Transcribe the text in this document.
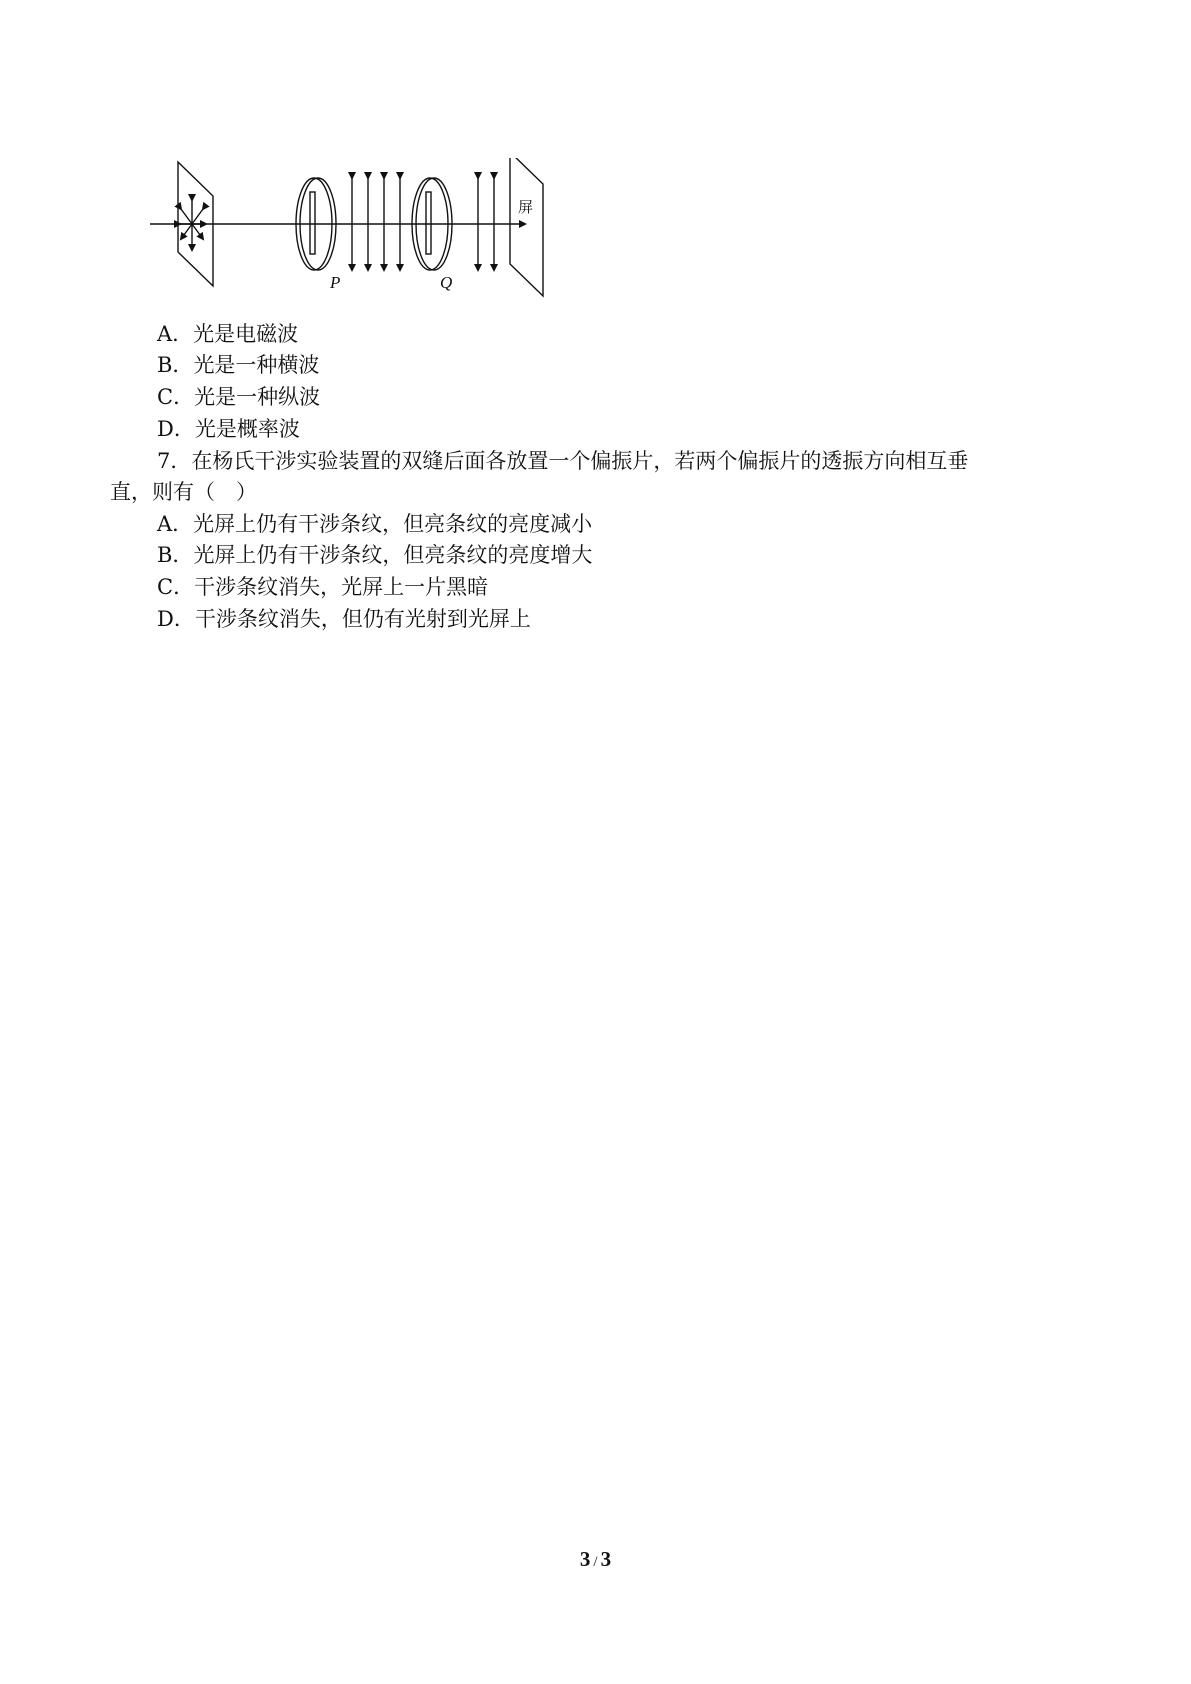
P	Q
屏
A．光是电磁波
B．光是一种横波
C．光是一种纵波
D．光是概率波
7．在杨氏干涉实验装置的双缝后面各放置一个偏振片，若两个偏振片的透振方向相互垂
直，则有（　）
A．光屏上仍有干涉条纹，但亮条纹的亮度减小
B．光屏上仍有干涉条纹，但亮条纹的亮度增大
C．干涉条纹消失，光屏上一片黑暗
D．干涉条纹消失，但仍有光射到光屏上
3 / 3
